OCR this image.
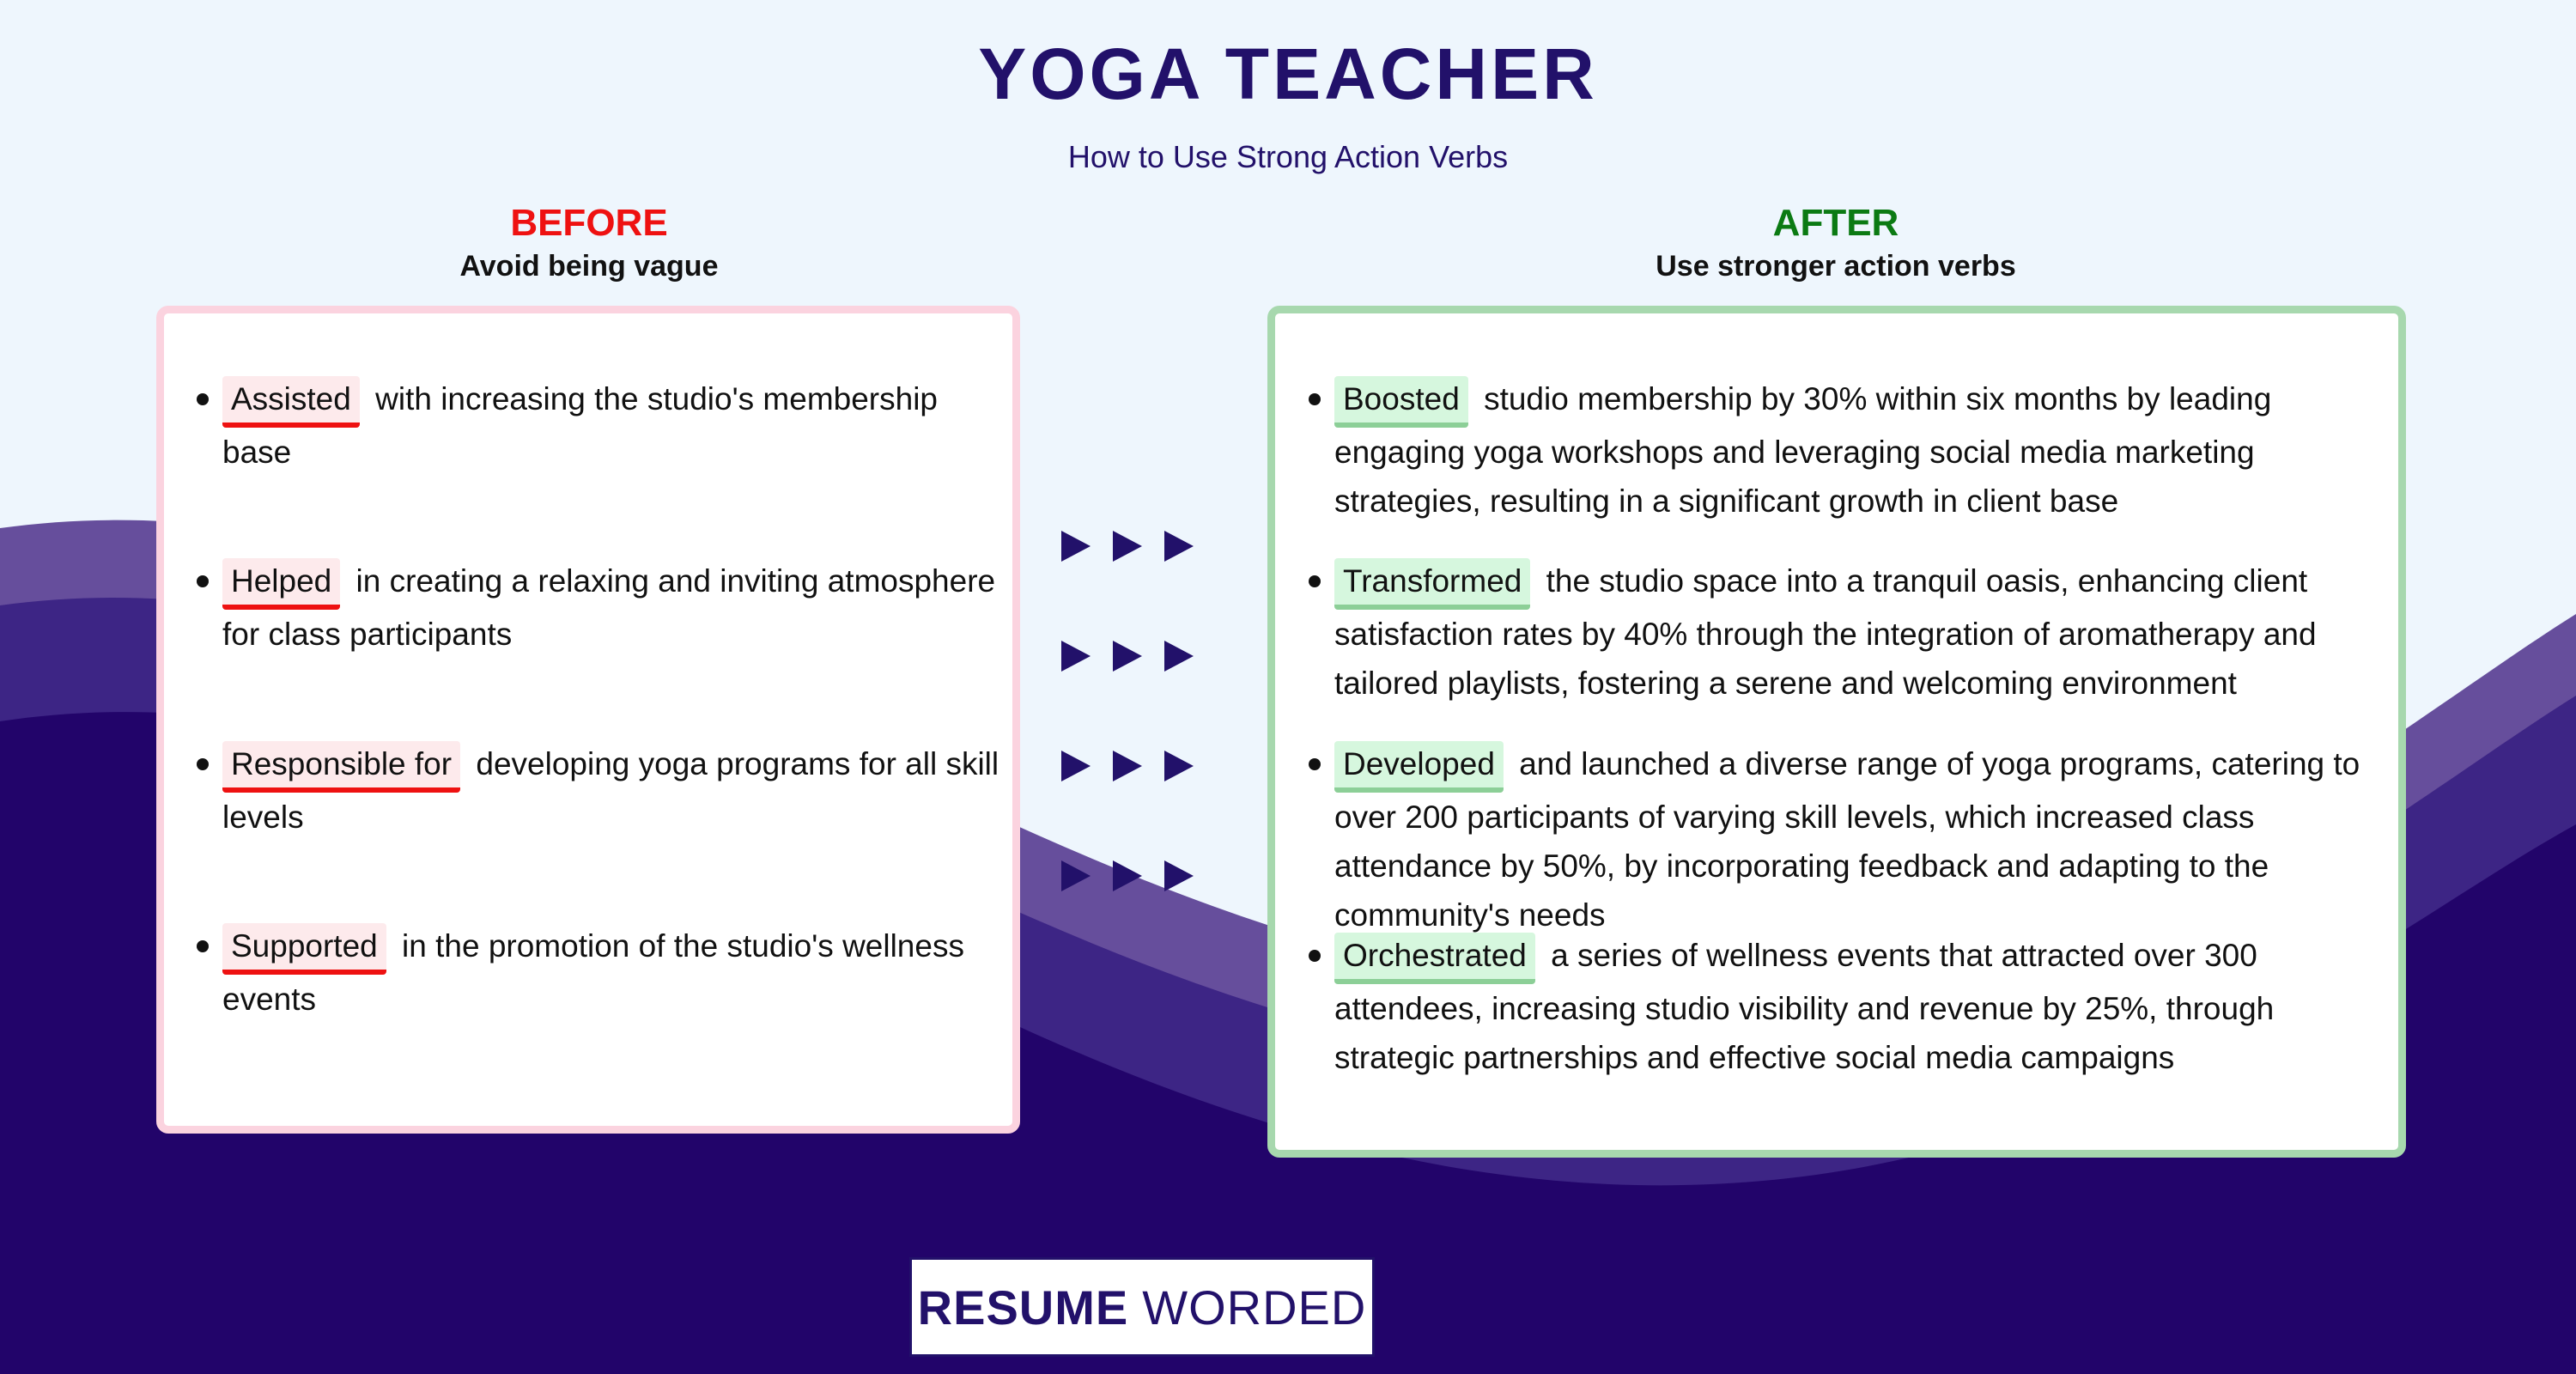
YOGA TEACHER
How to Use Strong Action Verbs
BEFORE
Avoid being vague
AFTER
Use stronger action verbs
Assisted with increasing the studio's membership base
Helped in creating a relaxing and inviting atmosphere for class participants
Responsible for developing yoga programs for all skill levels
Supported in the promotion of the studio's wellness events
Boosted studio membership by 30% within six months by leading engaging yoga workshops and leveraging social media marketing strategies, resulting in a significant growth in client base
Transformed the studio space into a tranquil oasis, enhancing client satisfaction rates by 40% through the integration of aromatherapy and tailored playlists, fostering a serene and welcoming environment
Developed and launched a diverse range of yoga programs, catering to over 200 participants of varying skill levels, which increased class attendance by 50%, by incorporating feedback and adapting to the community's needs
Orchestrated a series of wellness events that attracted over 300 attendees, increasing studio visibility and revenue by 25%, through strategic partnerships and effective social media campaigns
RESUME WORDED
